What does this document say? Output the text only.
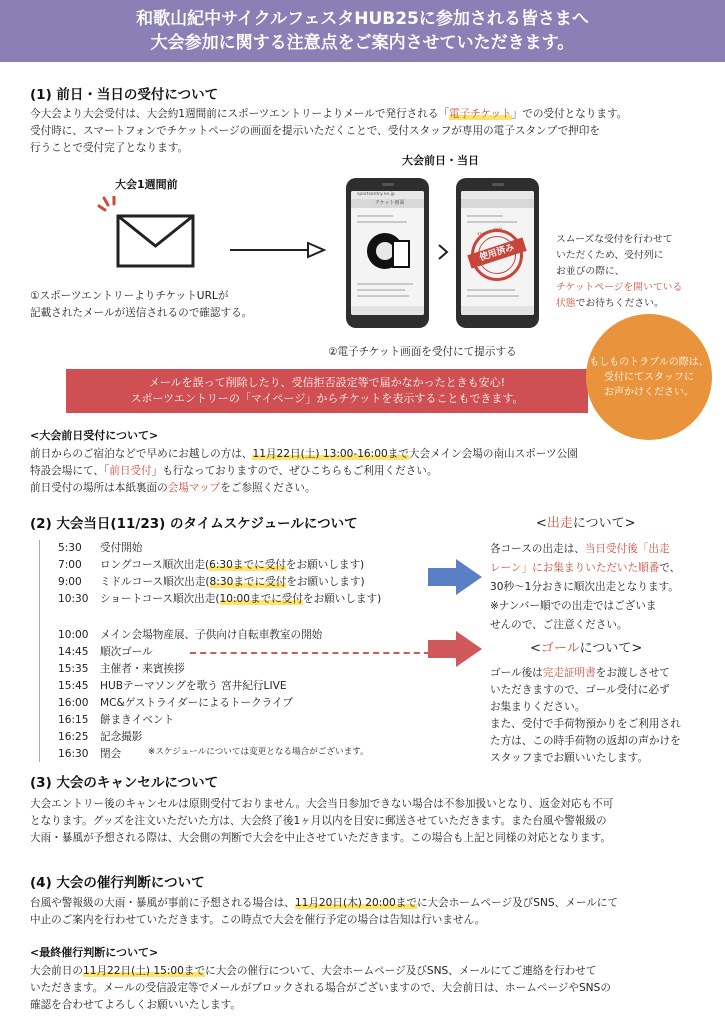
和歌山紀中サイクルフェスタHUB25に参加される皆さまへ
大会参加に関する注意点をご案内させていただきます。
(1) 前日・当日の受付について
今大会より大会受付は、大会約1週間前にスポーツエントリーよりメールで発行される「電子チケット」での受付となります。
受付時に、スマートフォンでチケットページの画面を提示いただくことで、受付スタッフが専用の電子スタンプで押印を
行うことで受付完了となります。
大会1週間前
大会前日・当日
①スポーツエントリーよりチケットURLが
記載されたメールが送信されるので確認する。
sportsentry.ne.jp
チケット画面
使用済み
Thank You
スムーズな受付を行わせて
いただくため、受付列に
お並びの際に、
チケットページを開いている
状態でお待ちください。
②電子チケット画面を受付にて提示する
メールを誤って削除したり、受信拒否設定等で届かなかったときも安心!
スポーツエントリーの「マイページ」からチケットを表示することもできます。
もしものトラブルの際は、
受付にてスタッフに
お声かけください。
<大会前日受付について>
前日からのご宿泊などで早めにお越しの方は、11月22日(土) 13:00-16:00まで大会メイン会場の南山スポーツ公園
特設会場にて、「前日受付」も行なっておりますので、ぜひこちらもご利用ください。
前日受付の場所は本紙裏面の会場マップをご参照ください。
(2) 大会当日(11/23) のタイムスケジュールについて
5:30 受付開始
7:00 ロングコース順次出走(6:30までに受付をお願いします)
9:00 ミドルコース順次出走(8:30までに受付をお願いします)
10:30 ショートコース順次出走(10:00までに受付をお願いします)
10:00 メイン会場物産展、子供向け自転車教室の開始
14:45 順次ゴール
15:35 主催者・来賓挨拶
15:45 HUBテーマソングを歌う 宮井紀行LIVE
16:00 MC&ゲストライダーによるトークライブ
16:15 餅まきイベント
16:25 記念撮影
16:30 閉会	※スケジュールについては変更となる場合がございます。
<出走について>
各コースの出走は、当日受付後「出走
レーン」にお集まりいただいた順番で、
30秒〜1分おきに順次出走となります。
※ナンバー順での出走ではございま
せんので、ご注意ください。
<ゴールについて>
ゴール後は完走証明書をお渡しさせて
いただきますので、ゴール受付に必ず
お集まりください。
また、受付で手荷物預かりをご利用され
た方は、この時手荷物の返却の声かけを
スタッフまでお願いいたします。
(3) 大会のキャンセルについて
大会エントリー後のキャンセルは原則受付ておりません。大会当日参加できない場合は不参加扱いとなり、返金対応も不可
となります。グッズを注文いただいた方は、大会終了後1ヶ月以内を目安に郵送させていただきます。また台風や警報級の
大雨・暴風が予想される際は、大会側の判断で大会を中止させていただきます。この場合も上記と同様の対応となります。
(4) 大会の催行判断について
台風や警報級の大雨・暴風が事前に予想される場合は、11月20日(木) 20:00までに大会ホームページ及びSNS、メールにて
中止のご案内を行わせていただきます。この時点で大会を催行予定の場合は告知は行いません。
<最終催行判断について>
大会前日の11月22日(土) 15:00までに大会の催行について、大会ホームページ及びSNS、メールにてご連絡を行わせて
いただきます。メールの受信設定等でメールがブロックされる場合がございますので、大会前日は、ホームページやSNSの
確認を合わせてよろしくお願いいたします。
